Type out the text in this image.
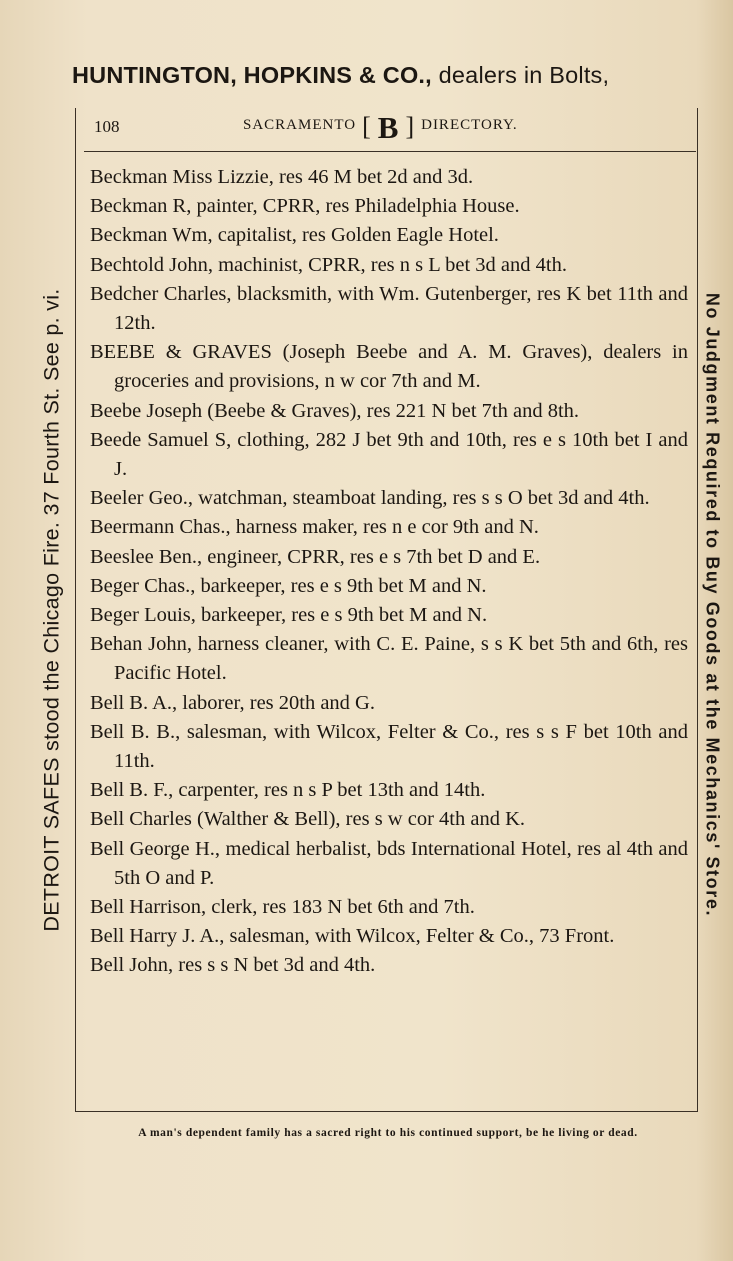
HUNTINGTON, HOPKINS & CO., dealers in Bolts,
108	SACRAMENTO [ B ] DIRECTORY.
Beckman Miss Lizzie, res 46 M bet 2d and 3d.
Beckman R, painter, CPRR, res Philadelphia House.
Beckman Wm, capitalist, res Golden Eagle Hotel.
Bechtold John, machinist, CPRR, res n s L bet 3d and 4th.
Bedcher Charles, blacksmith, with Wm. Gutenberger, res K bet 11th and 12th.
BEEBE & GRAVES (Joseph Beebe and A. M. Graves), dealers in groceries and provisions, n w cor 7th and M.
Beebe Joseph (Beebe & Graves), res 221 N bet 7th and 8th.
Beede Samuel S, clothing, 282 J bet 9th and 10th, res e s 10th bet I and J.
Beeler Geo., watchman, steamboat landing, res s s O bet 3d and 4th.
Beermann Chas., harness maker, res n e cor 9th and N.
Beeslee Ben., engineer, CPRR, res e s 7th bet D and E.
Beger Chas., barkeeper, res e s 9th bet M and N.
Beger Louis, barkeeper, res e s 9th bet M and N.
Behan John, harness cleaner, with C. E. Paine, s s K bet 5th and 6th, res Pacific Hotel.
Bell B. A., laborer, res 20th and G.
Bell B. B., salesman, with Wilcox, Felter & Co., res s s F bet 10th and 11th.
Bell B. F., carpenter, res n s P bet 13th and 14th.
Bell Charles (Walther & Bell), res s w cor 4th and K.
Bell George H., medical herbalist, bds International Hotel, res al 4th and 5th O and P.
Bell Harrison, clerk, res 183 N bet 6th and 7th.
Bell Harry J. A., salesman, with Wilcox, Felter & Co., 73 Front.
Bell John, res s s N bet 3d and 4th.
DETROIT SAFES stood the Chicago Fire. 37 Fourth St. See p. vi.	No Judgment Required to Buy Goods at the Mechanics' Store.
A man's dependent family has a sacred right to his continued support, be he living or dead.
